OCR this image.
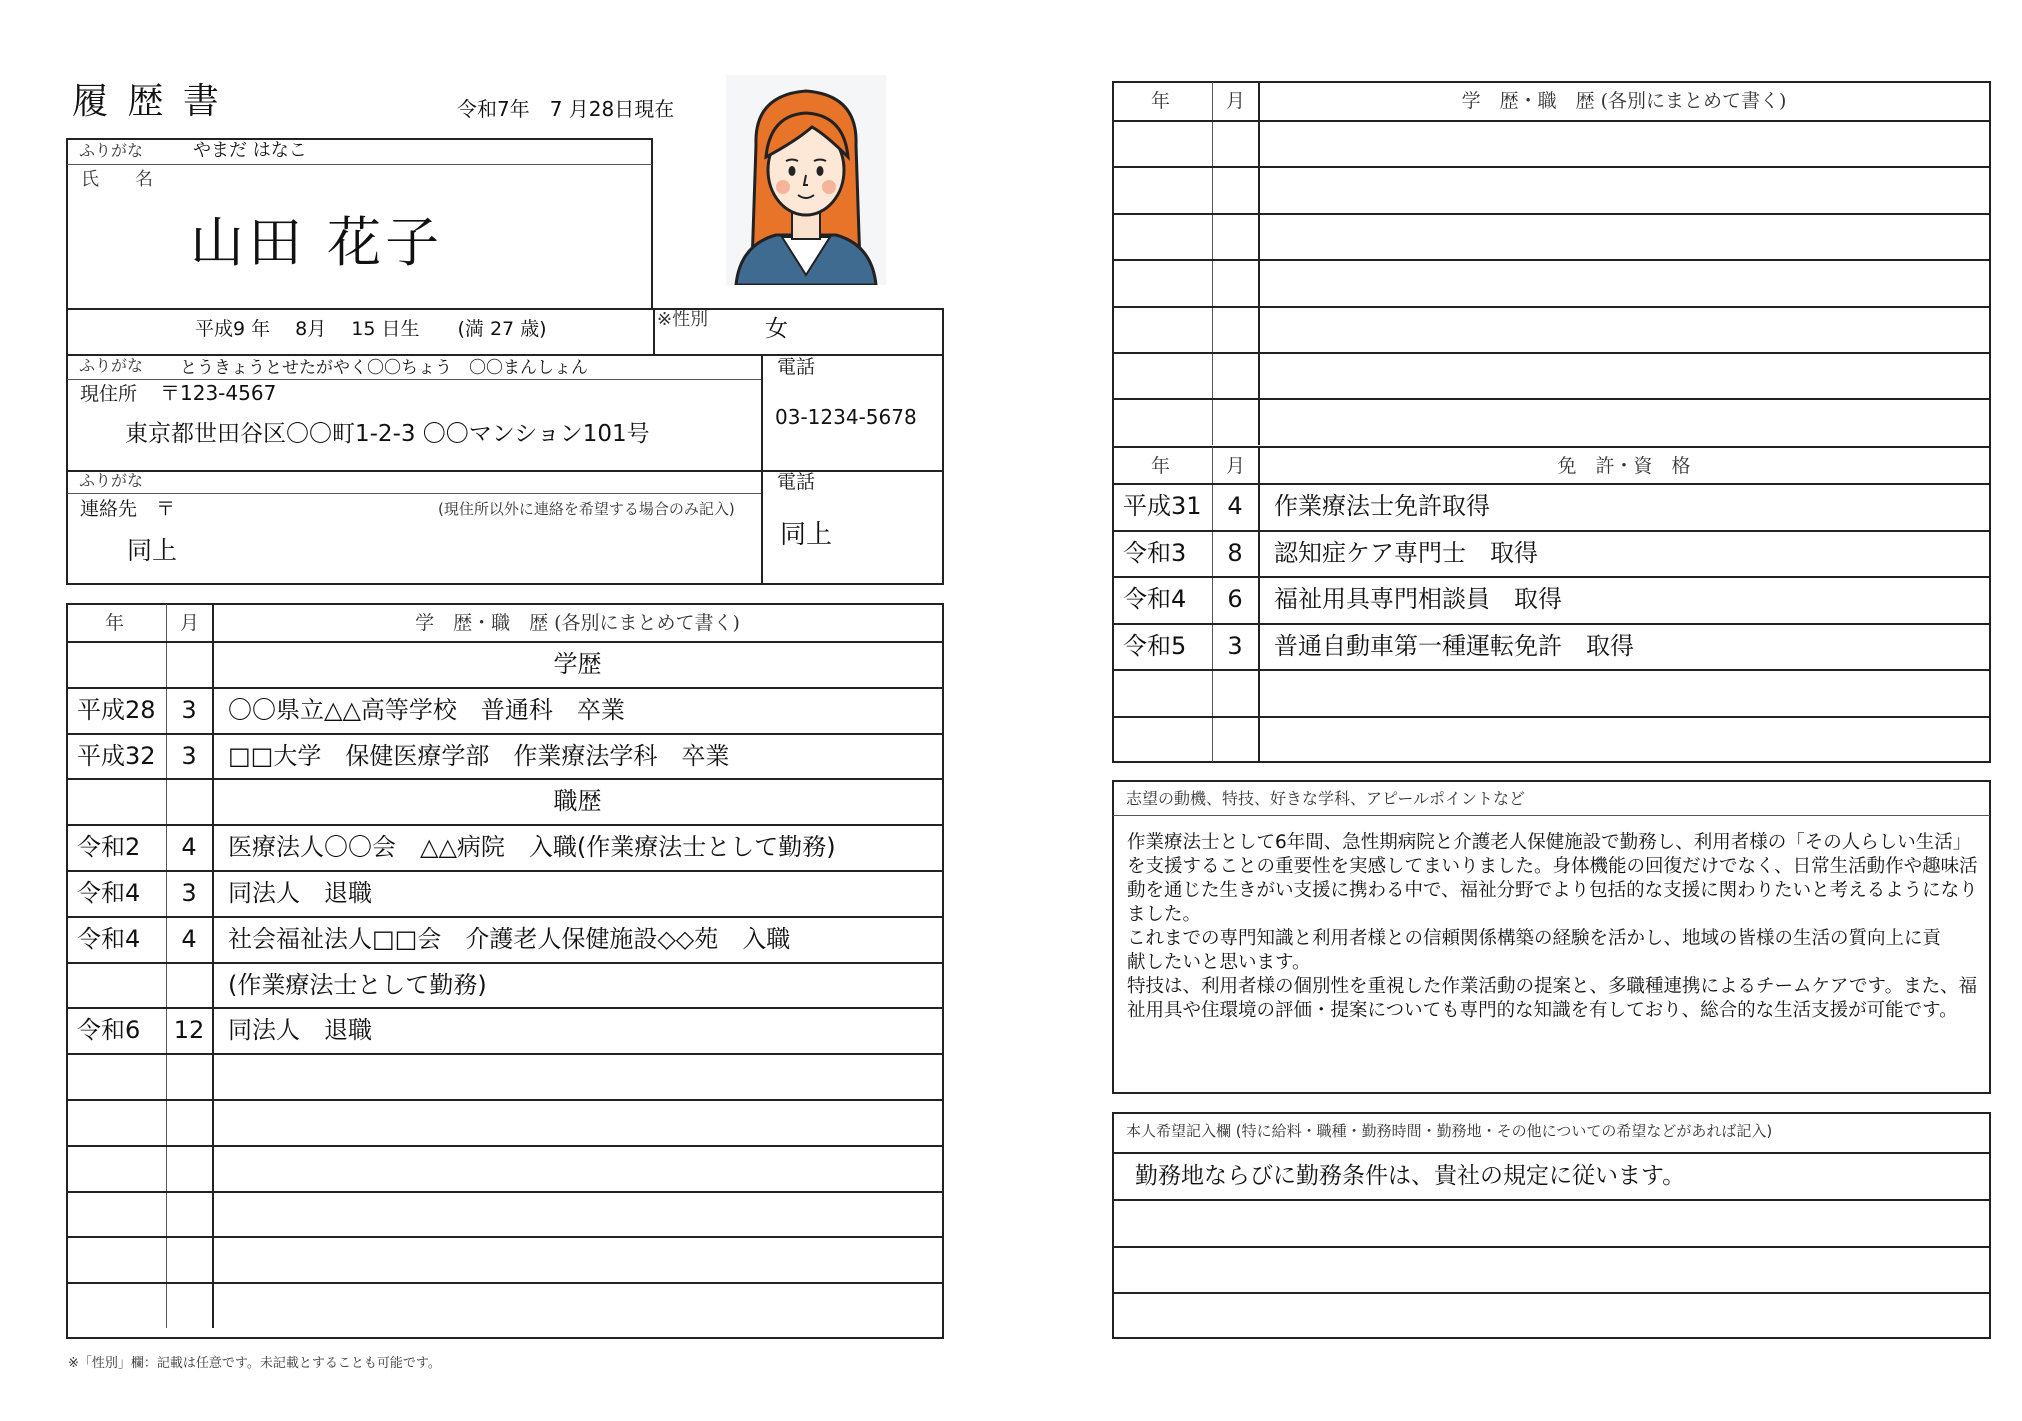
履 歴 書	令和7年　7 月28日現在
ふりがな	やまだ はなこ
氏　　名
山田 花子
平成9 年　 8月　 15 日生　　(満 27 歳)	※性別 女
ふりがな とうきょうとせたがやく〇〇ちょう　〇〇まんしょん
現住所 〒123-4567
東京都世田谷区〇〇町1-2-3 〇〇マンション101号
電話
03-1234-5678
ふりがな
連絡先　〒	(現住所以外に連絡を希望する場合のみ記入)
同上
電話
同上
年	月	学　歴・職　歴 (各別にまとめて書く)
学歴
平成28	3	〇〇県立△△高等学校　普通科　卒業
平成32	3	□□大学　保健医療学部　作業療法学科　卒業
職歴
令和2	4	医療法人〇〇会　△△病院　入職(作業療法士として勤務)
令和4	3	同法人　退職
令和4	4	社会福祉法人□□会　介護老人保健施設◇◇苑　入職
(作業療法士として勤務)
令和6	12 同法人　退職
※「性別」欄：記載は任意です。未記載とすることも可能です。
年	月	学　歴・職　歴 (各別にまとめて書く)
年	月	免　許・資　格
平成31	4	作業療法士免許取得
令和3	8	認知症ケア専門士　取得
令和4	6	福祉用具専門相談員　取得
令和5	3	普通自動車第一種運転免許　取得
志望の動機、特技、好きな学科、アピールポイントなど
作業療法士として6年間、急性期病院と介護老人保健施設で勤務し、利用者様の「その人らしい生活」
を支援することの重要性を実感してまいりました。身体機能の回復だけでなく、日常生活動作や趣味活
動を通じた生きがい支援に携わる中で、福祉分野でより包括的な支援に関わりたいと考えるようになり
ました。
これまでの専門知識と利用者様との信頼関係構築の経験を活かし、地域の皆様の生活の質向上に貢
献したいと思います。
特技は、利用者様の個別性を重視した作業活動の提案と、多職種連携によるチームケアです。また、福
祉用具や住環境の評価・提案についても専門的な知識を有しており、総合的な生活支援が可能です。
本人希望記入欄 (特に給料・職種・勤務時間・勤務地・その他についての希望などがあれば記入)
勤務地ならびに勤務条件は、貴社の規定に従います。
